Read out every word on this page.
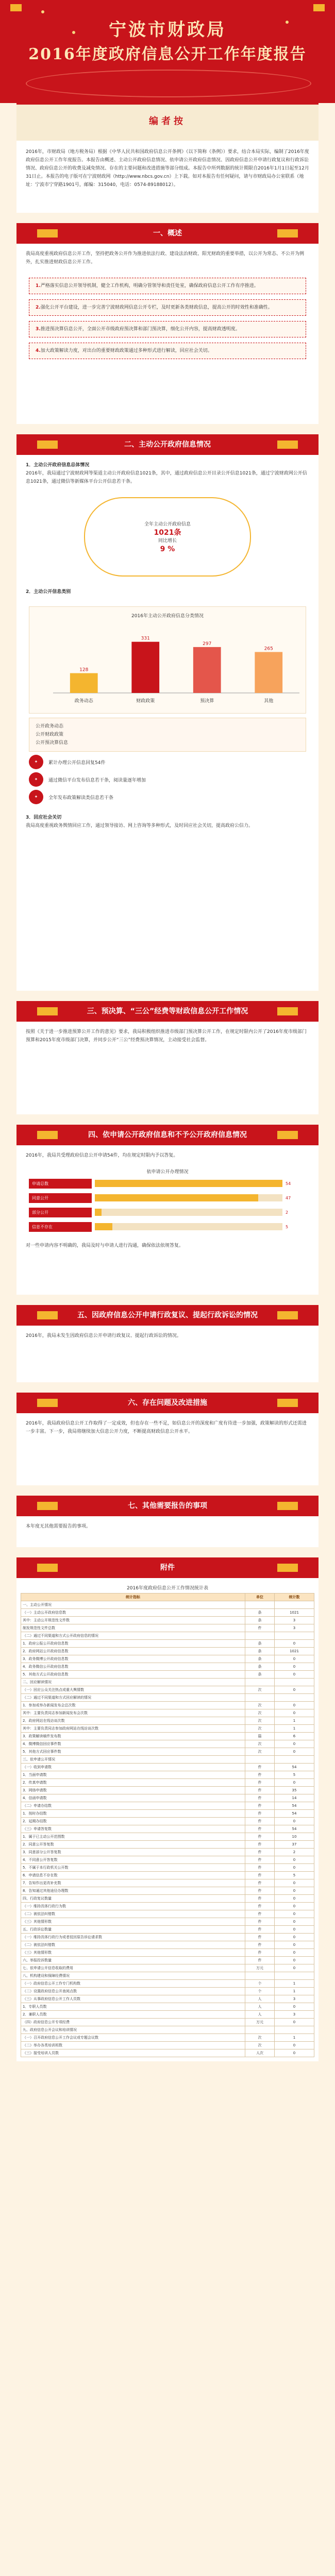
宁波市财政局
2016年度政府信息公开工作年度报告
编者按
2016年，市财政局（地方税务局）根据《中华人民共和国政府信息公开条例》（以下简称《条例》）要求，结合本局实际，编制了2016年度政府信息公开工作年度报告。本报告由概述、主动公开政府信息情况、依申请公开政府信息情况、因政府信息公开申请行政复议和行政诉讼情况、政府信息公开的收费及减免情况、存在的主要问题和改进措施等部分组成。本报告中所列数据的统计期限自2016年1月1日起至12月31日止。本报告的电子版可在宁波财政网（http://www.nbcs.gov.cn）上下载。如对本报告有任何疑问，请与市财政局办公室联系（地址：宁波市宁穿路1901号，邮编：315040，电话：0574-89188012）。
一、概述
我局高度重视政府信息公开工作，坚持把政务公开作为推进依法行政、建设法治财政、阳光财政的重要举措，以公开为常态、不公开为例外，扎实推进财政信息公开工作。
1.严格落实信息公开领导机制，健全工作机构，明确分管领导和责任处室，确保政府信息公开工作有序推进。
2.强化公开平台建设，进一步完善宁波财政网信息公开专栏，及时更新各类财政信息，提高公开的时效性和准确性。
3.推进预决算信息公开，全面公开市级政府预决算和部门预决算，细化公开内容，提高财政透明度。
4.加大政策解读力度，对出台的重要财政政策通过多种形式进行解读，回应社会关切。
二、主动公开政府信息情况
1．主动公开政府信息总体情况
2016年，我局通过宁波财政网等渠道主动公开政府信息1021条，其中，通过政府信息公开目录公开信息1021条，通过宁波财政网公开信息1021条，通过微信等新媒体平台公开信息若干条。
全年主动公开政府信息
1021条
同比增长
9 %
2．主动公开信息类别
2016年主动公开政府信息分类情况
128
政务动态
331
财政政策
297
预决算
265
其他
公开政务动态
公开财政政策
公开预决算信息
✦	累计办理公开信息回复54件
✦	通过微信平台发布信息若干条，阅读量逐年增加
✦	全年发布政策解读类信息若干条
3．回应社会关切
我局高度重视政务舆情回应工作，通过领导接访、网上咨询等多种形式，及时回应社会关切，提高政府公信力。
三、预决算、“三公”经费等财政信息公开工作情况
按照《关于进一步推进预算公开工作的意见》要求，我局积极组织推进市级部门预决算公开工作，在规定时限内公开了2016年度市级部门预算和2015年度市级部门决算，并同步公开“三公”经费预决算情况，主动接受社会监督。
四、依申请公开政府信息和不予公开政府信息情况
2016年，我局共受理政府信息公开申请54件，均在规定时限内予以答复。
依申请公开办理情况
申请总数	54
同意公开	47
部分公开	2
信息不存在	5
对一些申请内容不明确的，我局及时与申请人进行沟通，确保依法依规答复。
五、因政府信息公开申请行政复议、提起行政诉讼的情况
2016年，我局未发生因政府信息公开申请行政复议、提起行政诉讼的情况。
六、存在问题及改进措施
2016年，我局政府信息公开工作取得了一定成效，但也存在一些不足，如信息公开的深度和广度有待进一步加强，政策解读的形式还需进一步丰富。下一步，我局将继续加大信息公开力度，不断提高财政信息公开水平。
七、其他需要报告的事项
本年度无其他需要报告的事项。
附件
2016年度政府信息公开工作情况统计表
统计指标	单位	统计数
一、主动公开情况		
（一）主动公开政府信息数	条	1021
其中：主动公开规范性文件数	条	3
制发规范性文件总数	件	3
（二）通过不同渠道和方式公开政府信息的情况		
1．政府公报公开政府信息数	条	0
2．政府网站公开政府信息数	条	1021
3．政务微博公开政府信息数	条	0
4．政务微信公开政府信息数	条	0
5．其他方式公开政府信息数	条	0
二、回应解读情况		
（一）回应公众关注热点或重大舆情数	次	0
（二）通过不同渠道和方式回应解读的情况		
1．参加或举办新闻发布会总次数	次	0
其中：主要负责同志参加新闻发布会次数	次	0
2．政府网站在线访谈次数	次	1
其中：主要负责同志参加政府网站在线访谈次数	次	1
3．政策解读稿件发布数	篇	6
4．微博微信回应事件数	次	0
5．其他方式回应事件数	次	0
三、依申请公开情况		
（一）收到申请数	件	54
1．当面申请数	件	5
2．传真申请数	件	0
3．网络申请数	件	35
4．信函申请数	件	14
（二）申请办结数	件	54
1．按时办结数	件	54
2．延期办结数	件	0
（三）申请答复数	件	54
1．属于已主动公开范围数	件	10
2．同意公开答复数	件	37
3．同意部分公开答复数	件	2
4．不同意公开答复数	件	0
5．不属于本行政机关公开数	件	0
6．申请信息不存在数	件	5
7．告知作出更改补充数	件	0
8．告知通过其他途径办理数	件	0
四、行政复议数量	件	0
（一）维持具体行政行为数	件	0
（二）被依法纠错数	件	0
（三）其他情形数	件	0
五、行政诉讼数量	件	0
（一）维持具体行政行为或者驳回原告诉讼请求数	件	0
（二）被依法纠错数	件	0
（三）其他情形数	件	0
六、举报投诉数量	件	0
七、依申请公开信息收取的费用	万元	0
八、机构建设和保障经费情况		
（一）政府信息公开工作专门机构数	个	1
（二）设置政府信息公开查阅点数	个	1
（三）从事政府信息公开工作人员数	人	3
1．专职人员数	人	0
2．兼职人员数	人	3
（四）政府信息公开专项经费	万元	0
九、政府信息公开会议和培训情况		
（一）召开政府信息公开工作会议或专题会议数	次	1
（二）举办各类培训班数	次	0
（三）接受培训人员数	人次	0
